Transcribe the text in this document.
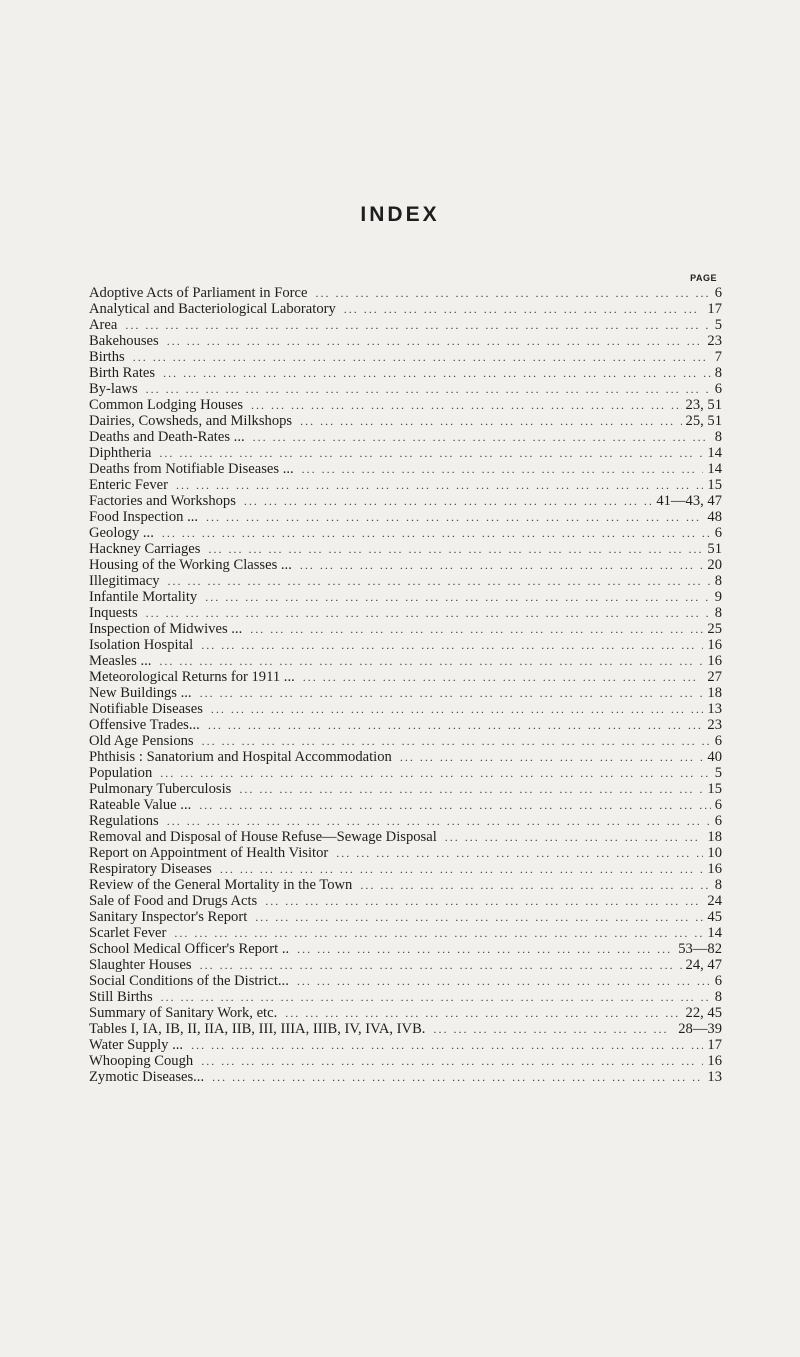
INDEX
PAGE
Adoptive Acts of Parliament in Force ... .	6
Analytical and Bacteriological Laboratory ... .	17
Area ... .	5
Bakehouses ... .	23
Births ... .	7
Birth Rates ... .	8
By-laws ... .	6
Common Lodging Houses ... .	23, 51
Dairies, Cowsheds, and Milkshops ... .	25, 51
Deaths and Death-Rates ... ... .	8
Diphtheria ... .	14
Deaths from Notifiable Diseases ... ... .	14
Enteric Fever ... .	15
Factories and Workshops ... .	41—43, 47
Food Inspection ... ... .	48
Geology ... ... .	6
Hackney Carriages ... .	51
Housing of the Working Classes ... ... .	20
Illegitimacy ... .	8
Infantile Mortality ... .	9
Inquests ... .	8
Inspection of Midwives ... ... .	25
Isolation Hospital ... .	16
Measles ... ... .	16
Meteorological Returns for 1911 ... ... .	27
New Buildings ... ... .	18
Notifiable Diseases ... .	13
Offensive Trades... ... .	23
Old Age Pensions ... .	6
Phthisis : Sanatorium and Hospital Accommodation ... .	40
Population ... .	5
Pulmonary Tuberculosis ... .	15
Rateable Value ... ... .	6
Regulations ... .	6
Removal and Disposal of House Refuse—Sewage Disposal ... .	18
Report on Appointment of Health Visitor ... .	10
Respiratory Diseases ... .	16
Review of the General Mortality in the Town ... .	8
Sale of Food and Drugs Acts ... .	24
Sanitary Inspector's Report ... .	45
Scarlet Fever ... .	14
School Medical Officer's Report .. ... .	53—82
Slaughter Houses ... .	24, 47
Social Conditions of the District... ... .	6
Still Births ... .	8
Summary of Sanitary Work, etc. ... .	22, 45
Tables I, IA, IB, II, IIA, IIB, III, IIIA, IIIB, IV, IVA, IVB. ... .	28—39
Water Supply ... ... .	17
Whooping Cough ... .	16
Zymotic Diseases... ... .	13
